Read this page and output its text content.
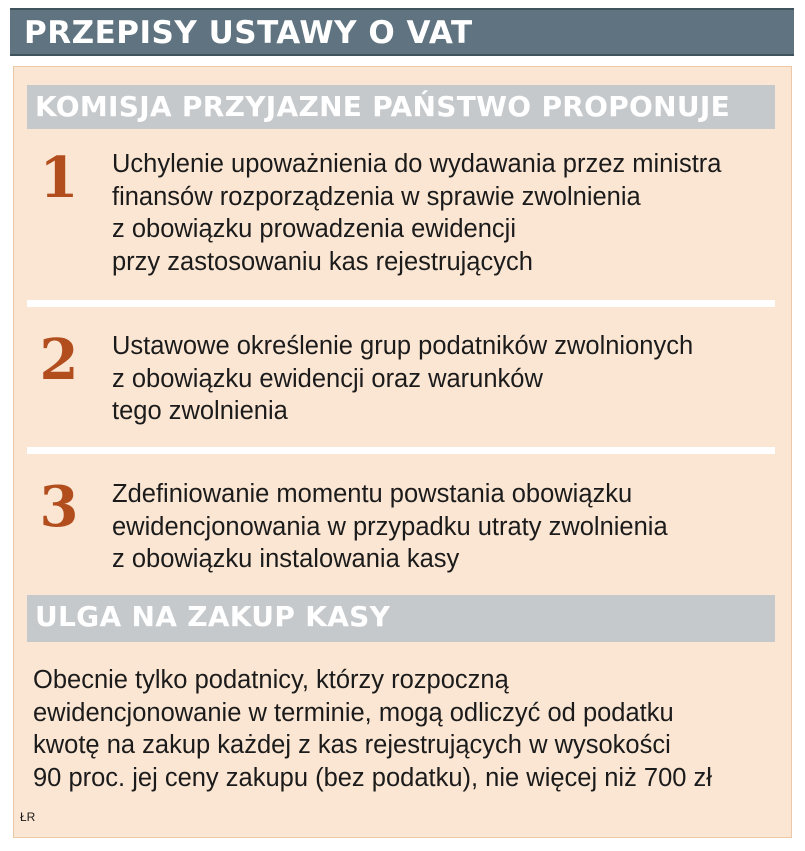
PRZEPISY USTAWY O VAT
KOMISJA PRZYJAZNE PAŃSTWO PROPONUJE
1	Uchylenie upoważnienia do wydawania przez ministra
finansów rozporządzenia w sprawie zwolnienia
z obowiązku prowadzenia ewidencji
przy zastosowaniu kas rejestrujących
2	Ustawowe określenie grup podatników zwolnionych
z obowiązku ewidencji oraz warunków
tego zwolnienia
3	Zdefiniowanie momentu powstania obowiązku
ewidencjonowania w przypadku utraty zwolnienia
z obowiązku instalowania kasy
ULGA NA ZAKUP KASY
Obecnie tylko podatnicy, którzy rozpoczną
ewidencjonowanie w terminie, mogą odliczyć od podatku
kwotę na zakup każdej z kas rejestrujących w wysokości
90 proc. jej ceny zakupu (bez podatku), nie więcej niż 700 zł
ŁR
